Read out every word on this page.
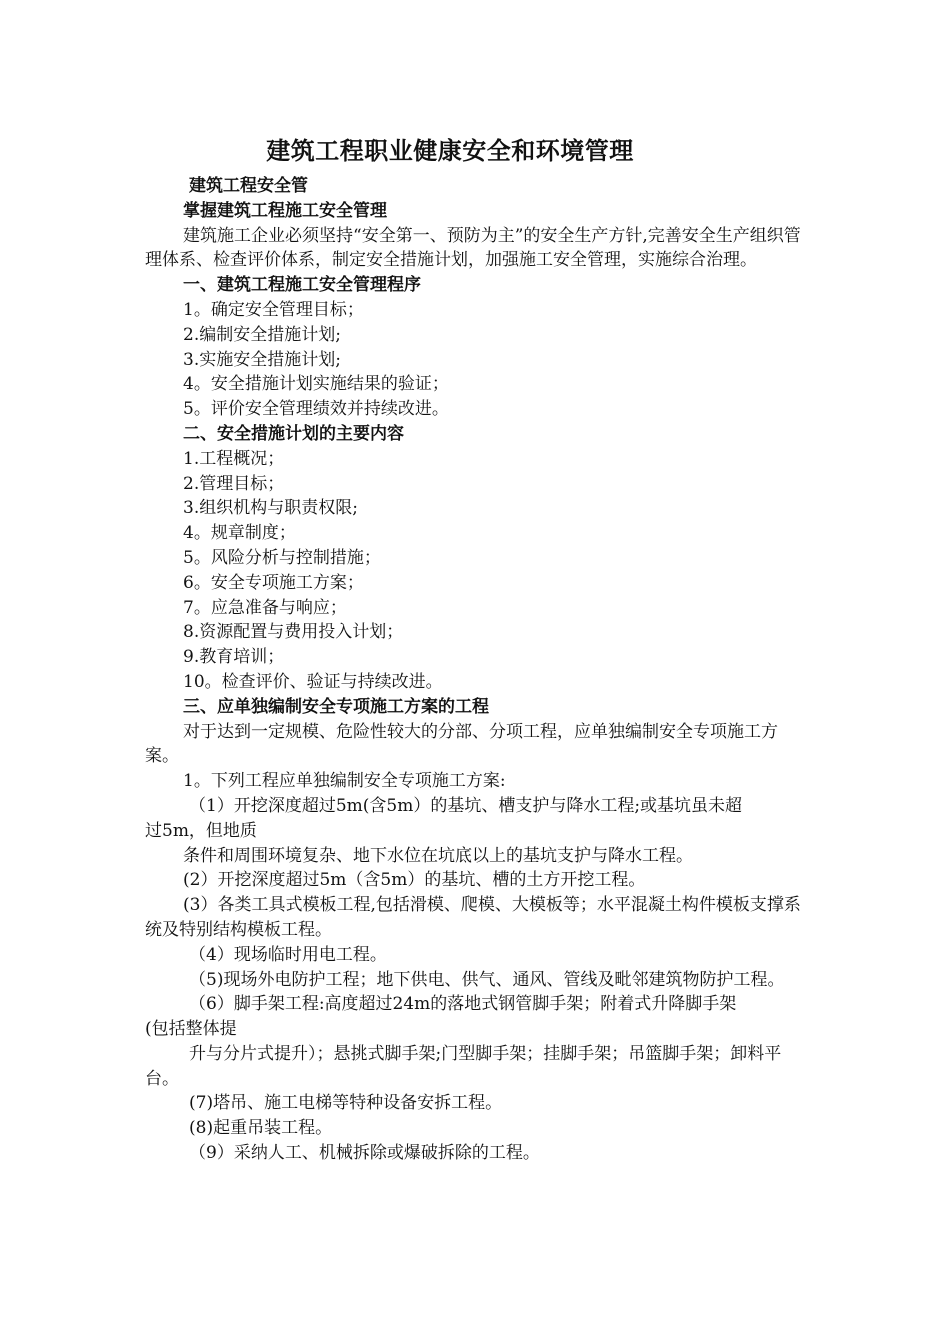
建筑工程职业健康安全和环境管理

建筑工程安全管

掌握建筑工程施工安全管理

建筑施工企业必须坚持“安全第一、预防为主”的安全生产方针,完善安全生产组织管理体系、检查评价体系，制定安全措施计划，加强施工安全管理，实施综合治理。

一、建筑工程施工安全管理程序

1。确定安全管理目标；

2.编制安全措施计划;

3.实施安全措施计划;

4。安全措施计划实施结果的验证；

5。评价安全管理绩效并持续改进。

二、安全措施计划的主要内容

1.工程概况；

2.管理目标；

3.组织机构与职责权限;

4。规章制度；

5。风险分析与控制措施；

6。安全专项施工方案；

7。应急准备与响应；

8.资源配置与费用投入计划；

9.教育培训；

10。检查评价、验证与持续改进。

三、应单独编制安全专项施工方案的工程

对于达到一定规模、危险性较大的分部、分项工程，应单独编制安全专项施工方案。

1。下列工程应单独编制安全专项施工方案:

（1）开挖深度超过5m(含5m）的基坑、槽支护与降水工程;或基坑虽未超

过5m，但地质

条件和周围环境复杂、地下水位在坑底以上的基坑支护与降水工程。

(2）开挖深度超过5m（含5m）的基坑、槽的土方开挖工程。

(3）各类工具式模板工程,包括滑模、爬模、大模板等；水平混凝土构件模板支撑系统及特别结构模板工程。

（4）现场临时用电工程。

（5)现场外电防护工程；地下供电、供气、通风、管线及毗邻建筑物防护工程。

（6）脚手架工程:高度超过24m的落地式钢管脚手架；附着式升降脚手架

(包括整体提

升与分片式提升）；悬挑式脚手架;门型脚手架；挂脚手架；吊篮脚手架；卸料平台。

(7)塔吊、施工电梯等特种设备安拆工程。

(8)起重吊装工程。

（9）采纳人工、机械拆除或爆破拆除的工程。
